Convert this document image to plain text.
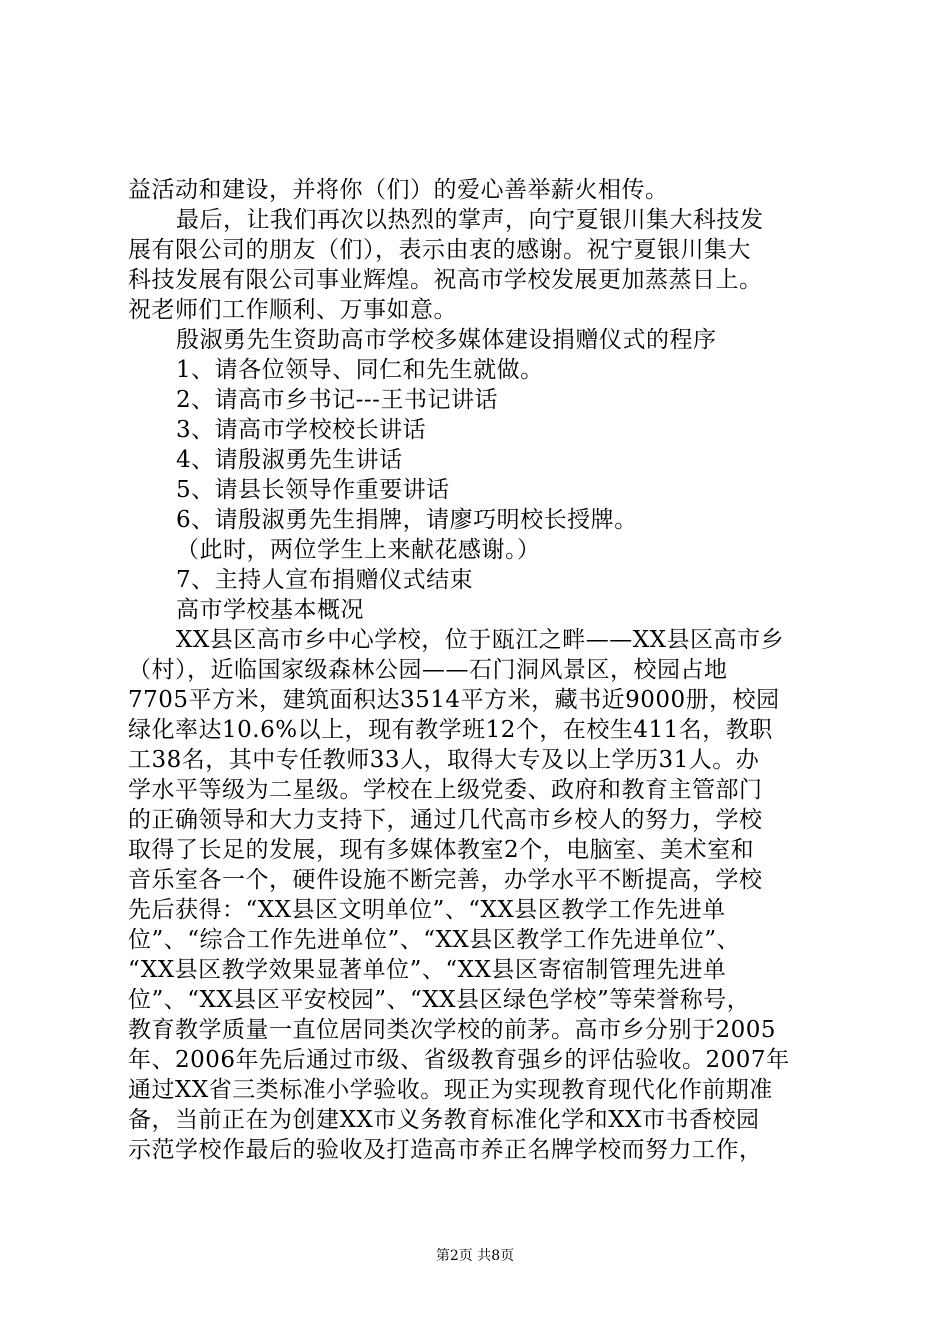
益活动和建设，并将你（们）的爱心善举薪火相传。
最后，让我们再次以热烈的掌声，向宁夏银川集大科技发
展有限公司的朋友（们），表示由衷的感谢。祝宁夏银川集大
科技发展有限公司事业辉煌。祝高市学校发展更加蒸蒸日上。
祝老师们工作顺利、万事如意。
殷淑勇先生资助高市学校多媒体建设捐赠仪式的程序
1、请各位领导、同仁和先生就做。
2、请高市乡书记---王书记讲话
3、请高市学校校长讲话
4、请殷淑勇先生讲话
5、请县长领导作重要讲话
6、请殷淑勇先生捐牌，请廖巧明校长授牌。
（此时，两位学生上来献花感谢。）
7、主持人宣布捐赠仪式结束
高市学校基本概况
XX县区高市乡中心学校，位于瓯江之畔——XX县区高市乡
（村），近临国家级森林公园——石门洞风景区，校园占地
7705平方米，建筑面积达3514平方米，藏书近9000册，校园
绿化率达10.6%以上，现有教学班12个，在校生411名，教职
工38名，其中专任教师33人，取得大专及以上学历31人。办
学水平等级为二星级。学校在上级党委、政府和教育主管部门
的正确领导和大力支持下，通过几代高市乡校人的努力，学校
取得了长足的发展，现有多媒体教室2个，电脑室、美术室和
音乐室各一个，硬件设施不断完善，办学水平不断提高，学校
先后获得：“XX县区文明单位”、“XX县区教学工作先进单
位”、“综合工作先进单位”、“XX县区教学工作先进单位”、
“XX县区教学效果显著单位”、“XX县区寄宿制管理先进单
位”、“XX县区平安校园”、“XX县区绿色学校”等荣誉称号，
教育教学质量一直位居同类次学校的前茅。高市乡分别于2005
年、2006年先后通过市级、省级教育强乡的评估验收。2007年
通过XX省三类标准小学验收。现正为实现教育现代化作前期准
备，当前正在为创建XX市义务教育标准化学和XX市书香校园
示范学校作最后的验收及打造高市养正名牌学校而努力工作，
第2页 共8页
